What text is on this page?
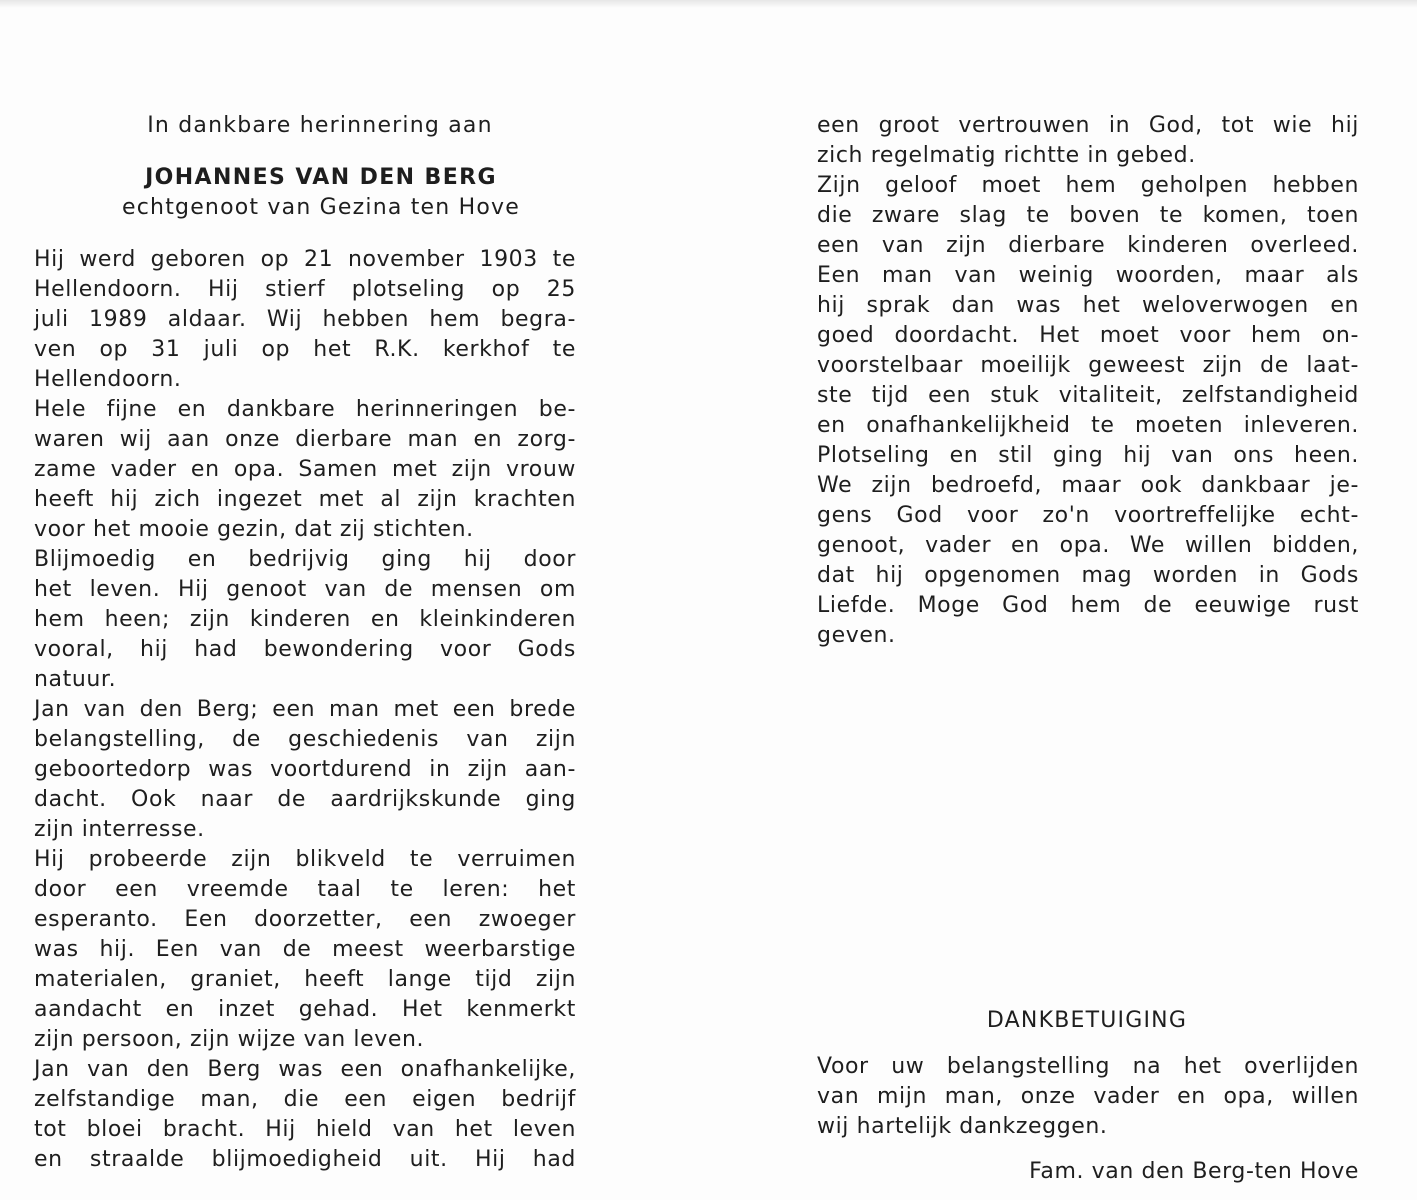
In dankbare herinnering aan
JOHANNES VAN DEN BERG
echtgenoot van Gezina ten Hove
Hij werd geboren op 21 november 1903 te
Hellendoorn. Hij stierf plotseling op 25
juli 1989 aldaar. Wij hebben hem begra-
ven op 31 juli op het R.K. kerkhof te
Hellendoorn.
Hele fijne en dankbare herinneringen be-
waren wij aan onze dierbare man en zorg-
zame vader en opa. Samen met zijn vrouw
heeft hij zich ingezet met al zijn krachten
voor het mooie gezin, dat zij stichten.
Blijmoedig en bedrijvig ging hij door
het leven. Hij genoot van de mensen om
hem heen; zijn kinderen en kleinkinderen
vooral, hij had bewondering voor Gods
natuur.
Jan van den Berg; een man met een brede
belangstelling, de geschiedenis van zijn
geboortedorp was voortdurend in zijn aan-
dacht. Ook naar de aardrijkskunde ging
zijn interresse.
Hij probeerde zijn blikveld te verruimen
door een vreemde taal te leren: het
esperanto. Een doorzetter, een zwoeger
was hij. Een van de meest weerbarstige
materialen, graniet, heeft lange tijd zijn
aandacht en inzet gehad. Het kenmerkt
zijn persoon, zijn wijze van leven.
Jan van den Berg was een onafhankelijke,
zelfstandige man, die een eigen bedrijf
tot bloei bracht. Hij hield van het leven
en straalde blijmoedigheid uit. Hij had
een groot vertrouwen in God, tot wie hij
zich regelmatig richtte in gebed.
Zijn geloof moet hem geholpen hebben
die zware slag te boven te komen, toen
een van zijn dierbare kinderen overleed.
Een man van weinig woorden, maar als
hij sprak dan was het weloverwogen en
goed doordacht. Het moet voor hem on-
voorstelbaar moeilijk geweest zijn de laat-
ste tijd een stuk vitaliteit, zelfstandigheid
en onafhankelijkheid te moeten inleveren.
Plotseling en stil ging hij van ons heen.
We zijn bedroefd, maar ook dankbaar je-
gens God voor zo'n voortreffelijke echt-
genoot, vader en opa. We willen bidden,
dat hij opgenomen mag worden in Gods
Liefde. Moge God hem de eeuwige rust
geven.
DANKBETUIGING
Voor uw belangstelling na het overlijden
van mijn man, onze vader en opa, willen
wij hartelijk dankzeggen.
Fam. van den Berg-ten Hove
